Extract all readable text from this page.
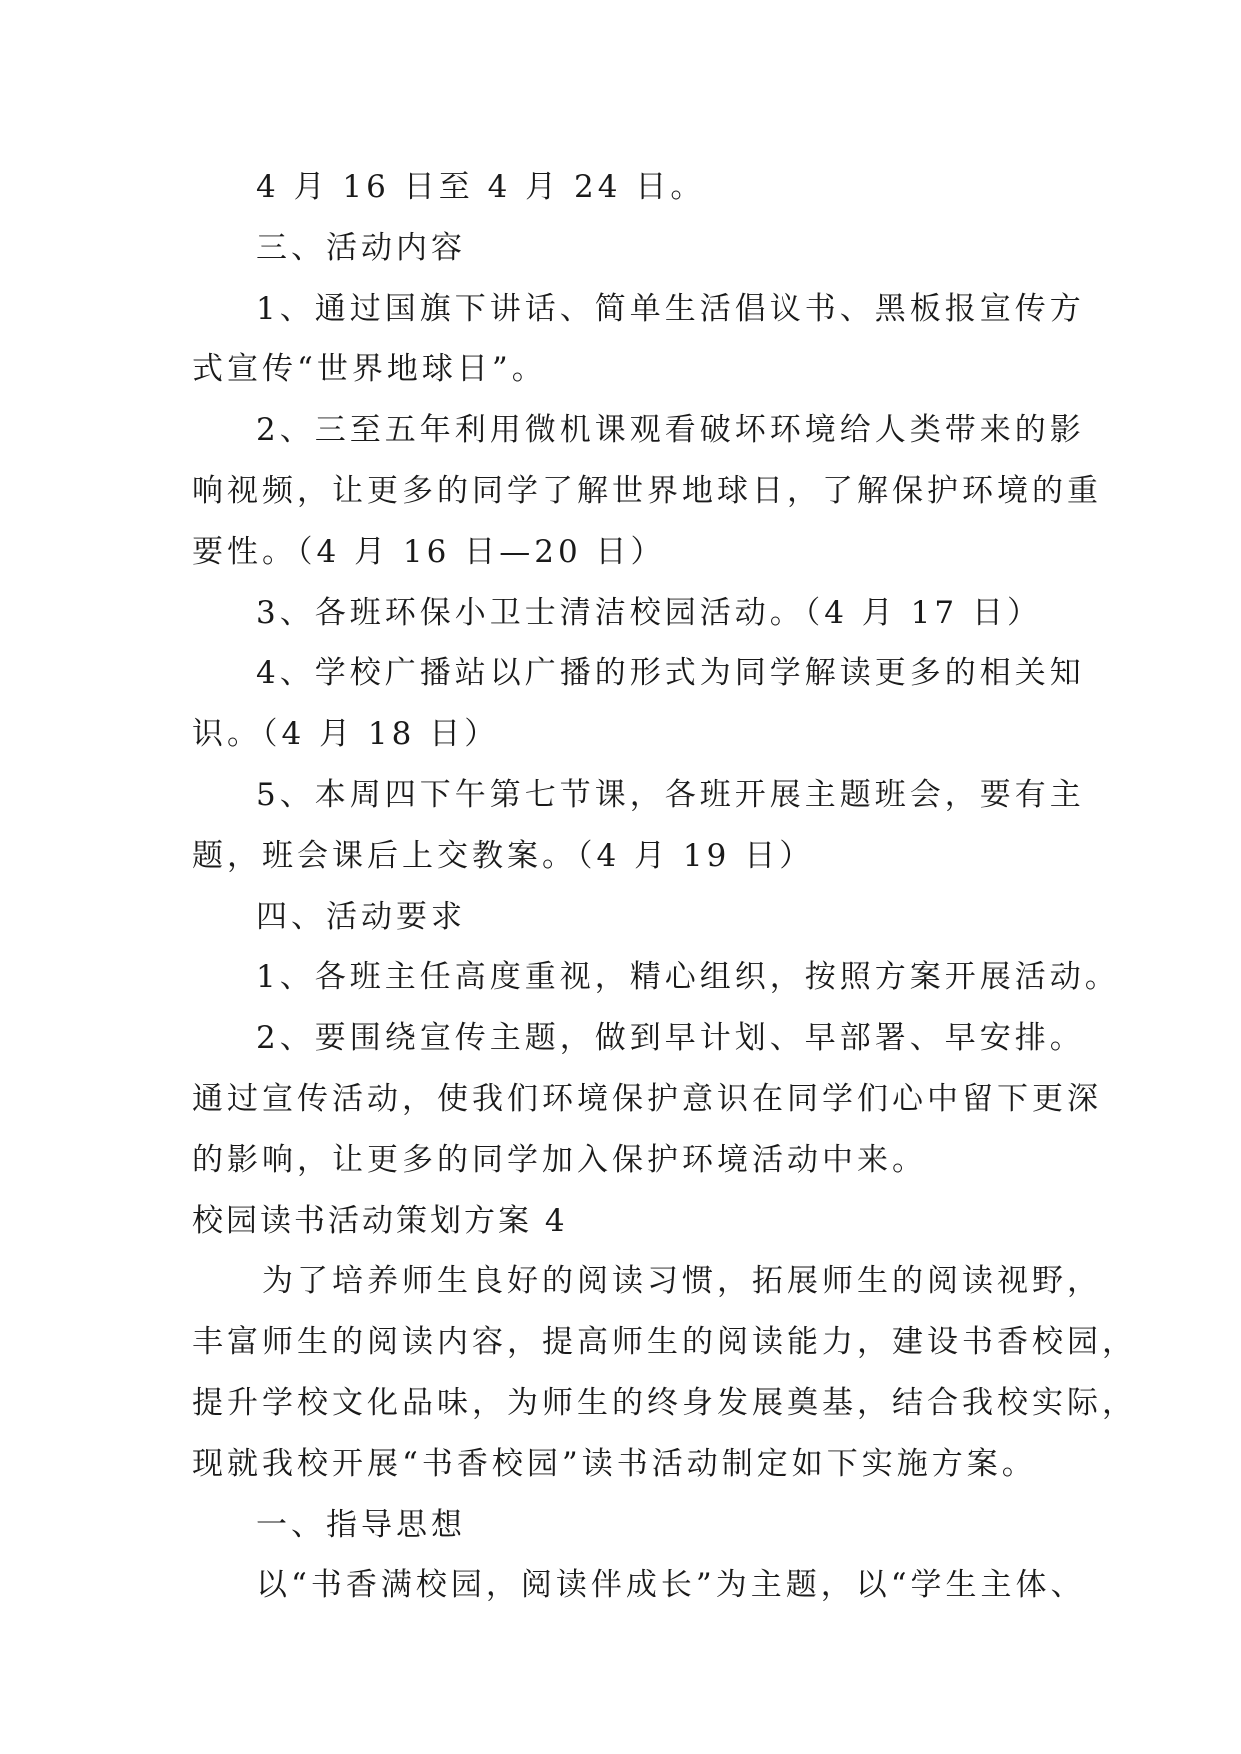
4 月 16 日至 4 月 24 日。

三、活动内容

1、通过国旗下讲话、简单生活倡议书、黑板报宣传方

式宣传“世界地球日”。

2、三至五年利用微机课观看破坏环境给人类带来的影

响视频，让更多的同学了解世界地球日，了解保护环境的重

要性。（4 月 16 日—20 日）

3、各班环保小卫士清洁校园活动。（4 月 17 日）

4、学校广播站以广播的形式为同学解读更多的相关知

识。（4 月 18 日）

5、本周四下午第七节课，各班开展主题班会，要有主

题，班会课后上交教案。（4 月 19 日）

四、活动要求

1、各班主任高度重视，精心组织，按照方案开展活动。

2、要围绕宣传主题，做到早计划、早部署、早安排。

通过宣传活动，使我们环境保护意识在同学们心中留下更深

的影响，让更多的同学加入保护环境活动中来。

校园读书活动策划方案 4

为了培养师生良好的阅读习惯，拓展师生的阅读视野，

丰富师生的阅读内容，提高师生的阅读能力，建设书香校园，

提升学校文化品味，为师生的终身发展奠基，结合我校实际，

现就我校开展“书香校园”读书活动制定如下实施方案。

一、指导思想

以“书香满校园，阅读伴成长”为主题，以“学生主体、
